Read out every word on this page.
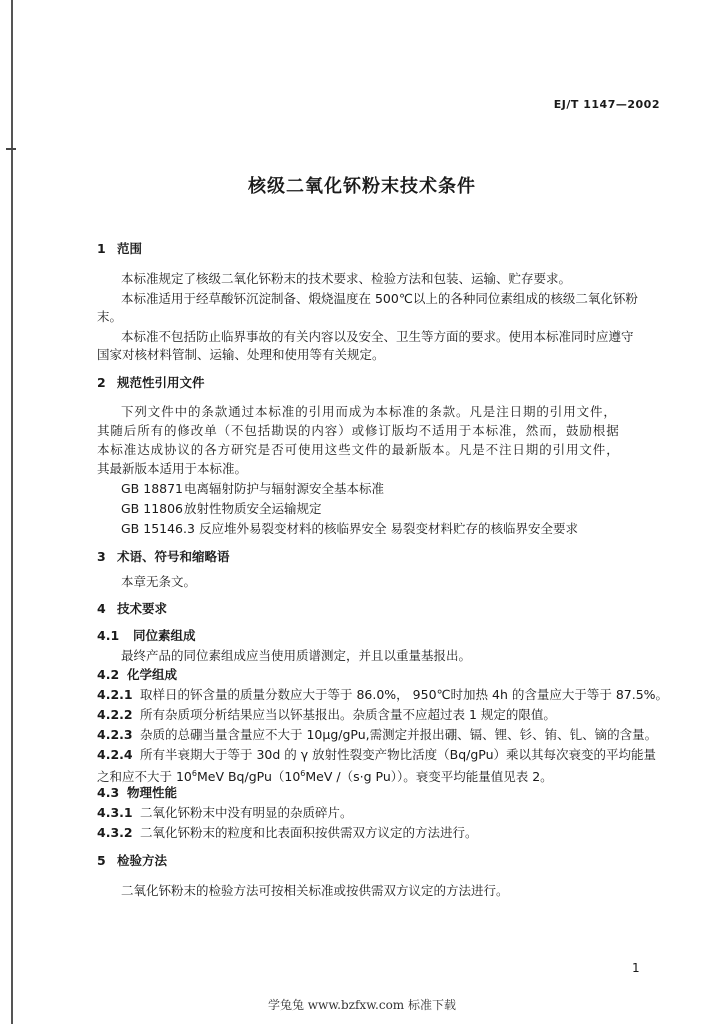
EJ/T 1147—2002
核级二氧化钚粉末技术条件
1 范围
本标准规定了核级二氧化钚粉末的技术要求、检验方法和包装、运输、贮存要求。
本标准适用于经草酸钚沉淀制备、煅烧温度在 500℃以上的各种同位素组成的核级二氧化钚粉
末。
本标准不包括防止临界事故的有关内容以及安全、卫生等方面的要求。使用本标准同时应遵守
国家对核材料管制、运输、处理和使用等有关规定。
2 规范性引用文件
下列文件中的条款通过本标准的引用而成为本标准的条款。凡是注日期的引用文件，
其随后所有的修改单（不包括勘误的内容）或修订版均不适用于本标准，然而，鼓励根据
本标准达成协议的各方研究是否可使用这些文件的最新版本。凡是不注日期的引用文件，
其最新版本适用于本标准。
GB 18871 电离辐射防护与辐射源安全基本标准
GB 11806 放射性物质安全运输规定
GB 15146.3 反应堆外易裂变材料的核临界安全 易裂变材料贮存的核临界安全要求
3 术语、符号和缩略语
本章无条文。
4 技术要求
4.1 同位素组成
最终产品的同位素组成应当使用质谱测定，并且以重量基报出。
4.2 化学组成
4.2.1 取样日的钚含量的质量分数应大于等于 86.0%， 950℃时加热 4h 的含量应大于等于 87.5%。
4.2.2 所有杂质项分析结果应当以钚基报出。杂质含量不应超过表 1 规定的限值。
4.2.3 杂质的总硼当量含量应不大于 10μg/gPu,需测定并报出硼、镉、锂、钐、铕、钆、镝的含量。
4.2.4 所有半衰期大于等于 30d 的 γ 放射性裂变产物比活度（Bq/gPu）乘以其每次衰变的平均能量
之和应不大于 $10^6MeV$ $Bq/gPu(10^6MeV$ /（s·g Pu））。衰变平均能量值见表 2。
4.3 物理性能
4.3.1 二氧化钚粉末中没有明显的杂质碎片。
4.3.2 二氧化钚粉末的粒度和比表面积按供需双方议定的方法进行。
5 检验方法
二氧化钚粉末的检验方法可按相关标准或按供需双方议定的方法进行。
1
学兔兔 www.bzfxw.com 标准下载
